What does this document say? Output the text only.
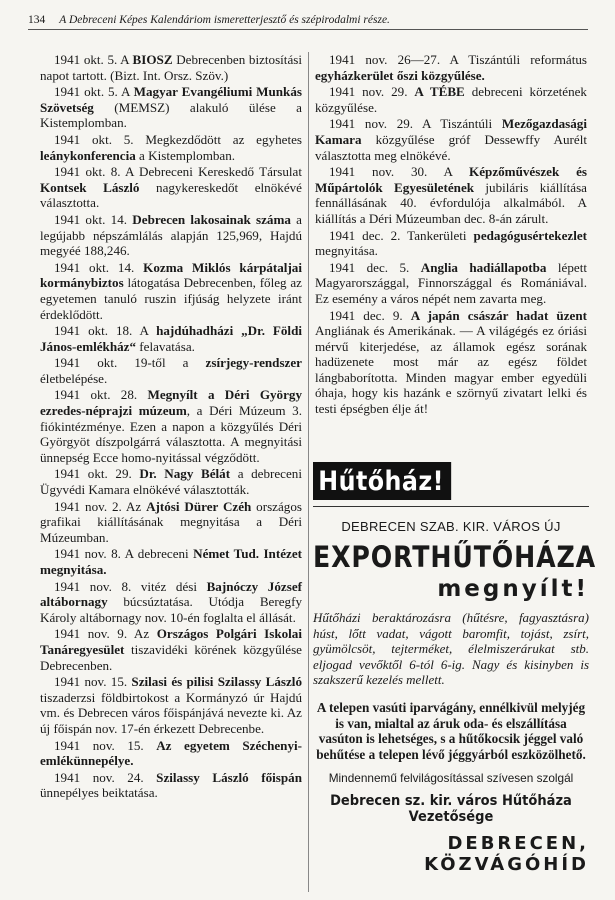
134 A Debreceni Képes Kalendáriom ismeretterjesztő és szépirodalmi része.

1941 okt. 5. A BIOSZ Debrecenben biztosítási napot tartott. (Bizt. Int. Orsz. Szöv.)

1941 okt. 5. A Magyar Evangéliumi Munkás Szövetség (MEMSZ) alakuló ülése a Kistemplomban.

1941 okt. 5. Megkezdődött az egyhetes leánykonferencia a Kistemplomban.

1941 okt. 8. A Debreceni Kereskedő Társulat Kontsek László nagykereskedőt elnökévé választotta.

1941 okt. 14. Debrecen lakosainak száma a legújabb népszámlálás alapján 125,969, Hajdú megyéé 188,246.

1941 okt. 14. Kozma Miklós kárpátaljai kormánybiztos látogatása Debrecenben, főleg az egyetemen tanuló ruszin ifjúság helyzete iránt érdeklődött.

1941 okt. 18. A hajdúhadházi „Dr. Földi János-emlékház“ felavatása.

1941 okt. 19-től a zsírjegy-rendszer életbelépése.

1941 okt. 28. Megnyílt a Déri György ezredes-néprajzi múzeum, a Déri Múzeum 3. fiókintézménye. Ezen a napon a közgyűlés Déri Györgyöt díszpolgárrá választotta. A megnyitási ünnepség Ecce homo-nyitással végződött.

1941 okt. 29. Dr. Nagy Bélát a debreceni Ügyvédi Kamara elnökévé választották.

1941 nov. 2. Az Ajtósi Dürer Czéh országos grafikai kiállításának megnyitása a Déri Múzeumban.

1941 nov. 8. A debreceni Német Tud. Intézet megnyitása.

1941 nov. 8. vitéz dési Bajnóczy József altábornagy búcsúztatása. Utódja Beregfy Károly altábornagy nov. 10-én foglalta el állását.

1941 nov. 9. Az Országos Polgári Iskolai Tanáregyesület tiszavidéki körének közgyűlése Debrecenben.

1941 nov. 15. Szilasi és pilisi Szilassy László tiszaderzsi földbirtokost a Kormányzó úr Hajdú vm. és Debrecen város főispánjává nevezte ki. Az új főispán nov. 17-én érkezett Debrecenbe.

1941 nov. 15. Az egyetem Széchenyi-emlékünnepélye.

1941 nov. 24. Szilassy László főispán ünnepélyes beiktatása.

1941 nov. 26—27. A Tiszántúli református egyházkerület őszi közgyűlése.

1941 nov. 29. A TÉBE debreceni körzetének közgyűlése.

1941 nov. 29. A Tiszántúli Mezőgazdasági Kamara közgyűlése gróf Dessewffy Aurélt választotta meg elnökévé.

1941 nov. 30. A Képzőművészek és Műpártolók Egyesületének jubiláris kiállítása fennállásának 40. évfordulója alkalmából. A kiállítás a Déri Múzeumban dec. 8-án zárult.

1941 dec. 2. Tankerületi pedagógusértekezlet megnyitása.

1941 dec. 5. Anglia hadiállapotba lépett Magyarországgal, Finnországgal és Romániával. Ez esemény a város népét nem zavarta meg.

1941 dec. 9. A japán császár hadat üzent Angliának és Amerikának. — A világégés ez óriási mérvű kiterjedése, az államok egész sorának hadüzenete most már az egész földet lángbaborította. Minden magyar ember egyedüli óhaja, hogy kis hazánk e szörnyű zivatart lelki és testi épségben élje át!

Hűtőház!
DEBRECEN SZAB. KIR. VÁROS ÚJ
EXPORTHŰTŐHÁZA
megnyílt!
Hűtőházi beraktározásra (hűtésre, fagyasztásra) húst, lőtt vadat, vágott baromfit, tojást, zsírt, gyümölcsöt, tejterméket, élelmiszerárukat stb. eljogad vevőktől 6-tól 6-ig. Nagy és kisinyben is szakszerű kezelés mellett.
A telepen vasúti iparvágány, ennélkivül melyjég is van, mialtal az áruk oda- és elszállítása vasúton is lehetséges, s a hűtőkocsik jéggel való behűtése a telepen lévő jéggyárból eszközölhető.
Mindennemű felvilágosítással szívesen szolgál
Debrecen sz. kir. város Hűtőháza Vezetősége
DEBRECEN,
KÖZVÁGÓHÍD
